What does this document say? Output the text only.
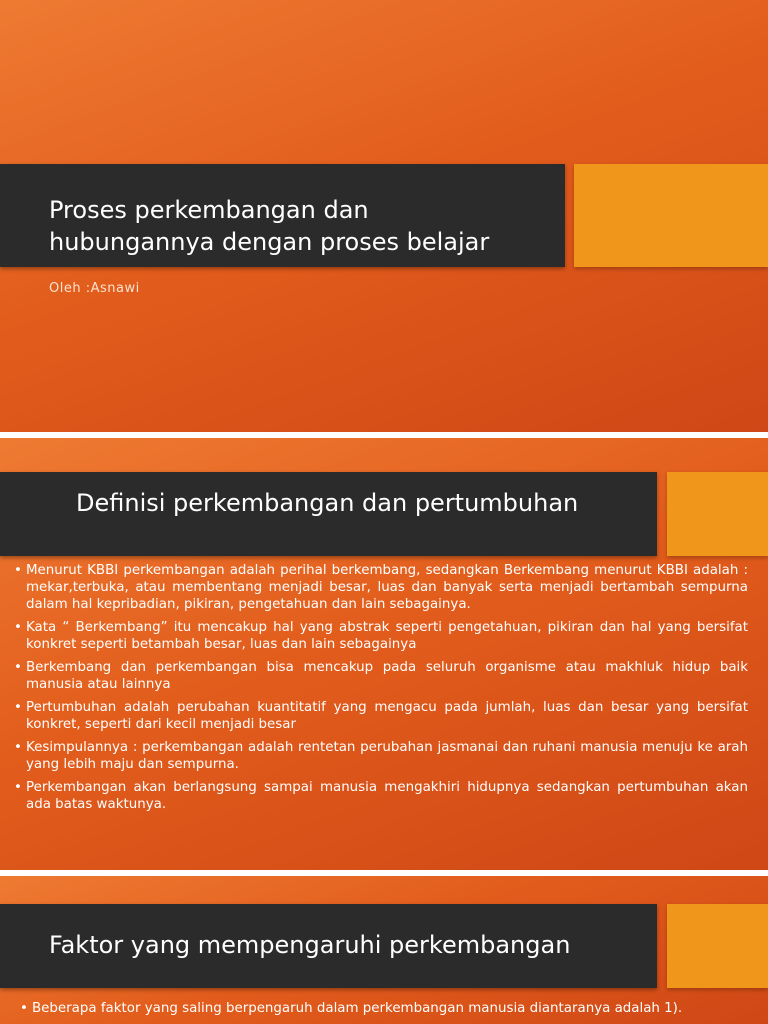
Proses perkembangan dan
hubungannya dengan proses belajar
Oleh :Asnawi
Definisi perkembangan dan pertumbuhan
• Menurut KBBI perkembangan adalah perihal berkembang, sedangkan Berkembang menurut KBBI adalah : mekar,terbuka, atau membentang menjadi besar, luas dan banyak serta menjadi bertambah sempurna dalam hal kepribadian, pikiran, pengetahuan dan lain sebagainya.
• Kata “ Berkembang” itu mencakup hal yang abstrak seperti pengetahuan, pikiran dan hal yang bersifat konkret seperti betambah besar, luas dan lain sebagainya
• Berkembang dan perkembangan bisa mencakup pada seluruh organisme atau makhluk hidup baik manusia atau lainnya
• Pertumbuhan adalah perubahan kuantitatif yang mengacu pada jumlah, luas dan besar yang bersifat konkret, seperti dari kecil menjadi besar
• Kesimpulannya : perkembangan adalah rentetan perubahan jasmanai dan ruhani manusia menuju ke arah yang lebih maju dan sempurna.
• Perkembangan akan berlangsung sampai manusia mengakhiri hidupnya sedangkan pertumbuhan akan ada batas waktunya.
Faktor yang mempengaruhi perkembangan
• Beberapa faktor yang saling berpengaruh dalam perkembangan manusia diantaranya adalah 1).
